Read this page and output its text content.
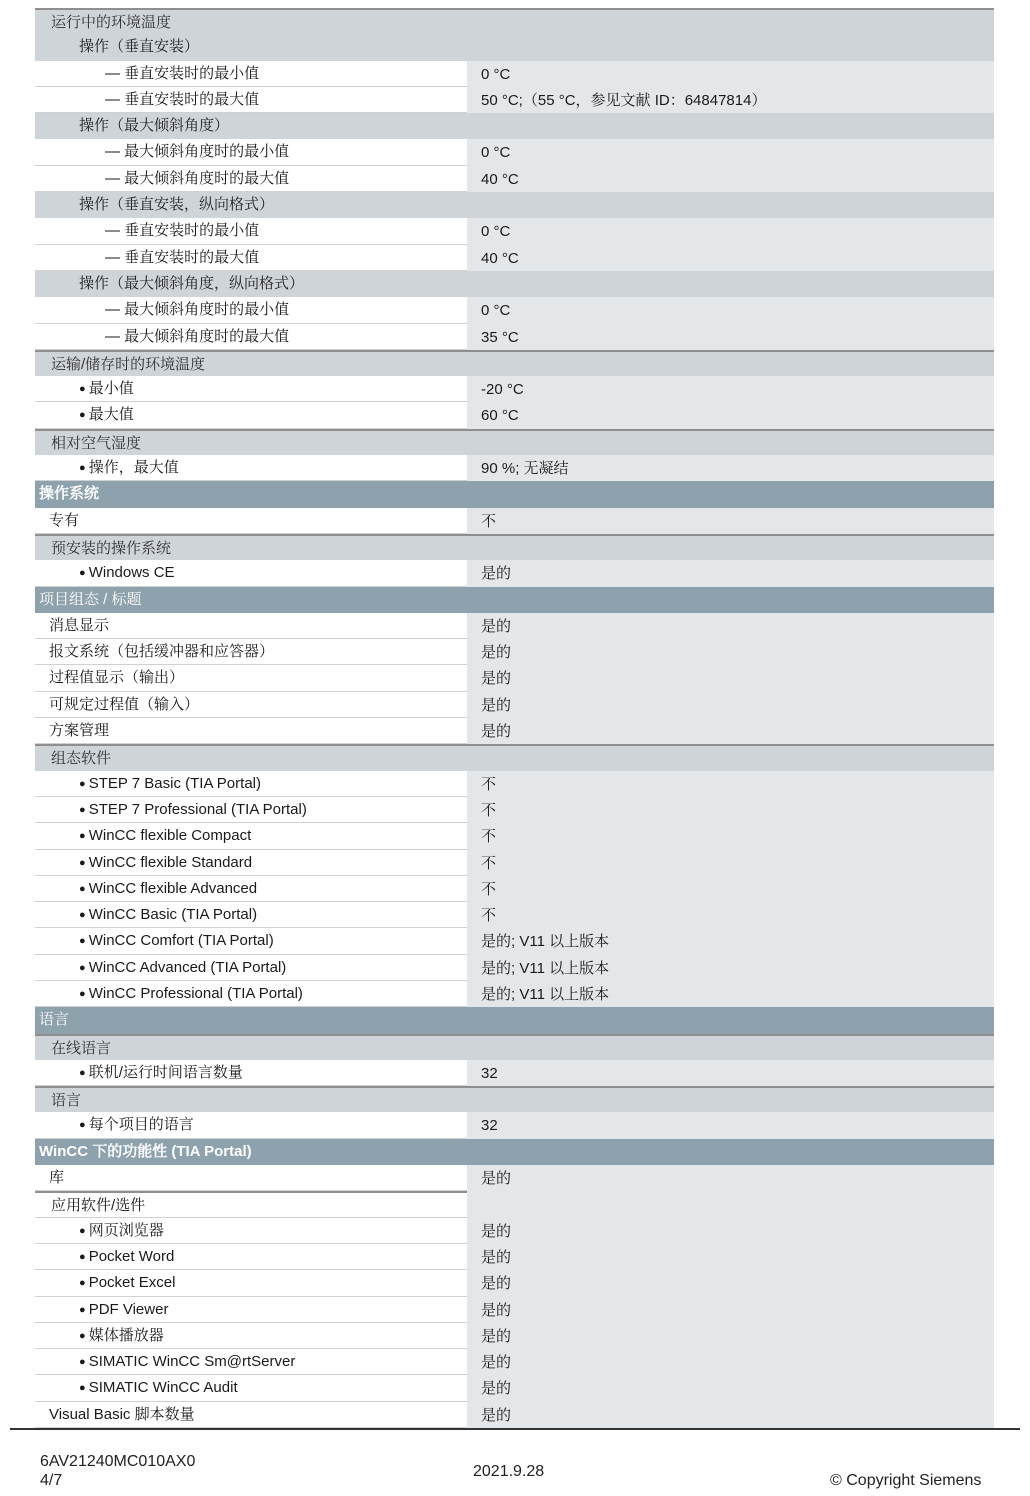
运行中的环境温度
操作（垂直安装）
— 垂直安装时的最小值	0 °C
— 垂直安装时的最大值	50 °C;（55 °C，参见文献 ID：64847814）
操作（最大倾斜角度）
— 最大倾斜角度时的最小值	0 °C
— 最大倾斜角度时的最大值	40 °C
操作（垂直安装，纵向格式）
— 垂直安装时的最小值	0 °C
— 垂直安装时的最大值	40 °C
操作（最大倾斜角度，纵向格式）
— 最大倾斜角度时的最小值	0 °C
— 最大倾斜角度时的最大值	35 °C
运输/储存时的环境温度
● 最小值	-20 °C
● 最大值	60 °C
相对空气湿度
● 操作，最大值	90 %; 无凝结
操作系统
专有	不
预安装的操作系统
● Windows CE	是的
项目组态 / 标题
消息显示	是的
报文系统（包括缓冲器和应答器）	是的
过程值显示（输出）	是的
可规定过程值（输入）	是的
方案管理	是的
组态软件
● STEP 7 Basic (TIA Portal)	不
● STEP 7 Professional (TIA Portal)	不
● WinCC flexible Compact	不
● WinCC flexible Standard	不
● WinCC flexible Advanced	不
● WinCC Basic (TIA Portal)	不
● WinCC Comfort (TIA Portal)	是的; V11 以上版本
● WinCC Advanced (TIA Portal)	是的; V11 以上版本
● WinCC Professional (TIA Portal)	是的; V11 以上版本
语言
在线语言
● 联机/运行时间语言数量	32
语言
● 每个项目的语言	32
WinCC 下的功能性 (TIA Portal)
库	是的
应用软件/选件
● 网页浏览器	是的
● Pocket Word	是的
● Pocket Excel	是的
● PDF Viewer	是的
● 媒体播放器	是的
● SIMATIC WinCC Sm@rtServer	是的
● SIMATIC WinCC Audit	是的
Visual Basic 脚本数量	是的
6AV21240MC010AX0
4/7
2021.9.28
© Copyright Siemens
